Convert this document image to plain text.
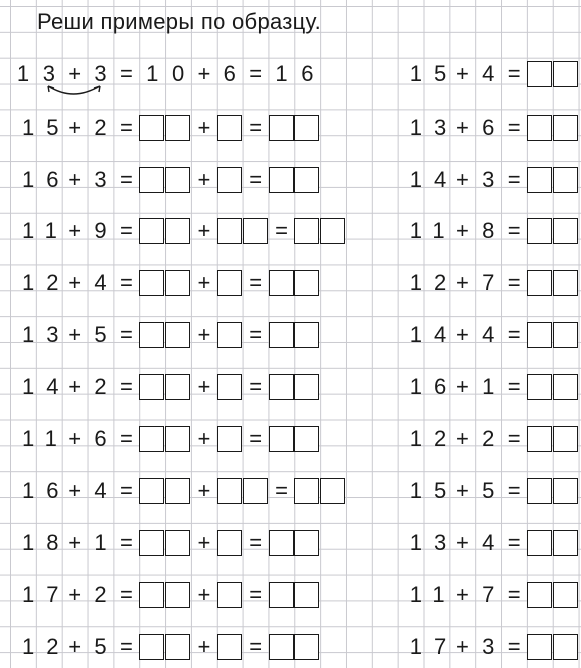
Реши примеры по образцу.
1 3 + 3 = 1 0 + 6 = 1 6
15
+ 2 =	+ =
16
+ 3 =	+ =
11 + 9 =	+	=
12
+ 4 =	+ =
13
+ 5 =	+ =
14
+ 2 =	+ =
11 + 6 =	+ =
16
+ 4 =	+	=
18
+ 1 =	+ =
17
+ 2 =	+ =
12
+ 5 =	+ =
15
+ 4 =
13
+ 6 =
14
+ 3 =
11 + 8 =
12
+ 7 =
14
+ 4 =
16
+ 1 =
12
+ 2 =
15
+ 5 =
13
+ 4 =
11 + 7 =
17
+ 3 =
